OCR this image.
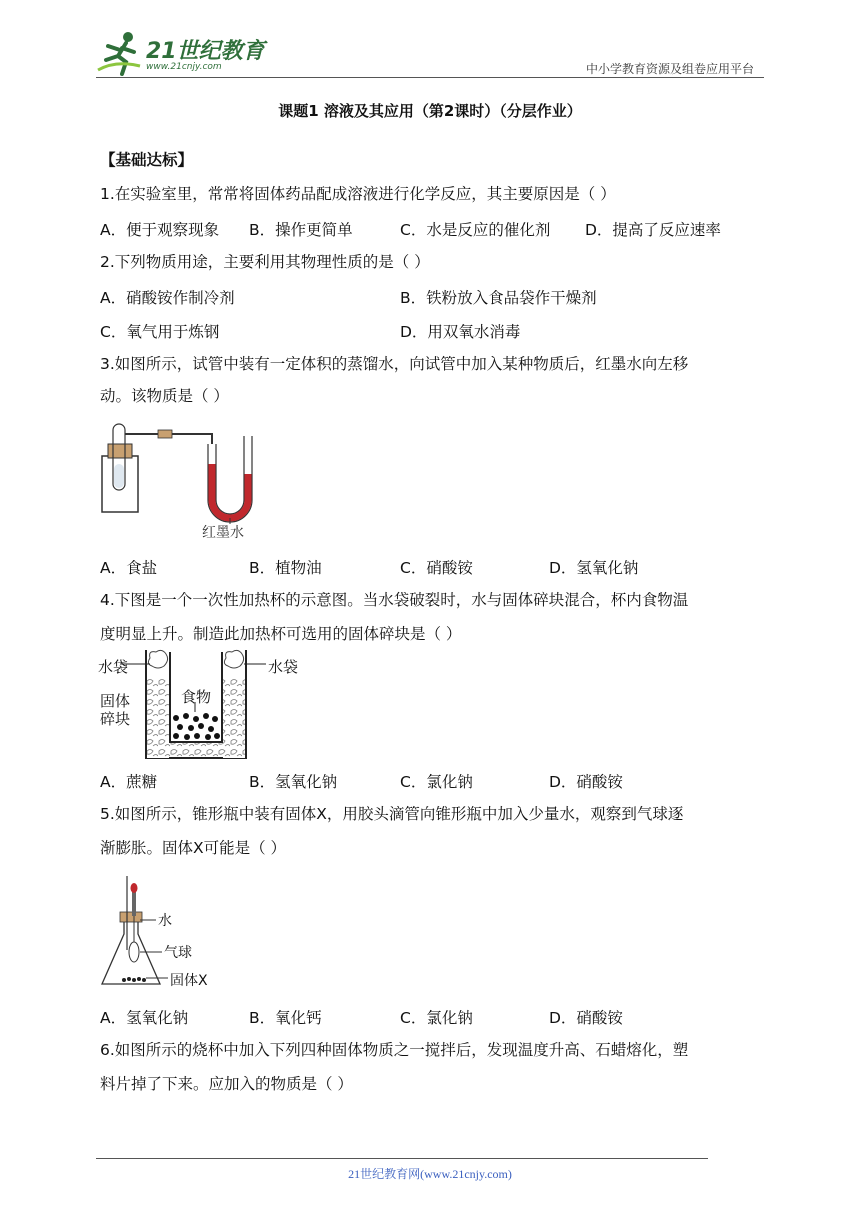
21世纪教育
www.21cnjy.com	中小学教育资源及组卷应用平台
课题1 溶液及其应用（第2课时）（分层作业）
【基础达标】
1.在实验室里，常常将固体药品配成溶液进行化学反应，其主要原因是（ ）
A．便于观察现象 B．操作更简单	C．水是反应的催化剂 D．提高了反应速率
2.下列物质用途，主要利用其物理性质的是（ ）
A．硝酸铵作制冷剂	B．铁粉放入食品袋作干燥剂
C．氧气用于炼钢	D．用双氧水消毒
3.如图所示，试管中装有一定体积的蒸馏水，向试管中加入某种物质后，红墨水向左移
动。该物质是（ ）
红墨水
A．食盐	B．植物油	C．硝酸铵	D．氢氧化钠
4.下图是一个一次性加热杯的示意图。当水袋破裂时，水与固体碎块混合，杯内食物温
度明显上升。制造此加热杯可选用的固体碎块是（ ）
水袋	水袋
固体
碎块
食物
A．蔗糖	B．氢氧化钠	C．氯化钠	D．硝酸铵
5.如图所示，锥形瓶中装有固体X，用胶头滴管向锥形瓶中加入少量水，观察到气球逐
渐膨胀。固体X可能是（ ）
水
气球
固体X
A．氢氧化钠	B．氧化钙	C．氯化钠	D．硝酸铵
6.如图所示的烧杯中加入下列四种固体物质之一搅拌后，发现温度升高、石蜡熔化，塑
料片掉了下来。应加入的物质是（ ）
21世纪教育网(www.21cnjy.com)
